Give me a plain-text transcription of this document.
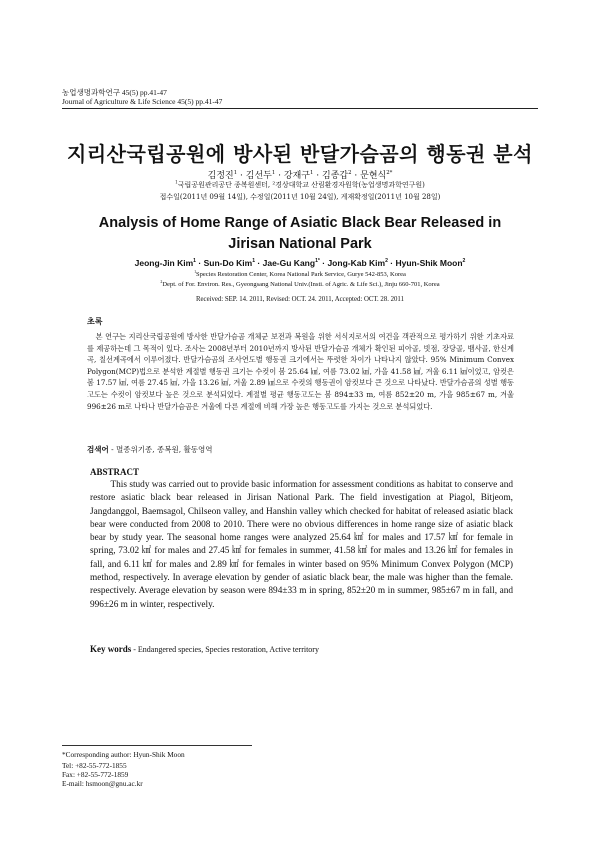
농업생명과학연구 45(5) pp.41-47
Journal of Agriculture & Life Science 45(5) pp.41-47
지리산국립공원에 방사된 반달가슴곰의 행동권 분석
김정진$^1$ · 김선두$^1$ · 강재구$^1$ · 김종갑$^2$ · 문현식$^{2*}$
$^1$국립공원관리공단 종복원센터, ²경상대학교 산림환경자원학(농업생명과학연구원)
접수일(2011년 09월 14일), 수정일(2011년 10월 24일), 게재확정일(2011년 10월 28일)
Analysis of Home Range of Asiatic Black Bear Released in
Jirisan National Park
Jeong-Jin Kim$^1$ · Sun-Do Kim$^1$ · Jae-Gu Kang$^{1*}$ · Jong-Kab Kim$^2$ · Hyun-Shik Moon$^2$
$^1$Species Restoration Center, Korea National Park Service, Gurye 542-853, Korea
$^2$Dept. of For. Environ. Res., Gyeongsang National Univ.(Insti. of Agric. & Life Sci.), Jinju 660-701, Korea
Received: SEP. 14. 2011, Revised: OCT. 24. 2011, Accepted: OCT. 28. 2011
초록
본 연구는 지리산국립공원에 방사한 반달가슴곰 개체군 보전과 복원을 위한 서식지로서의 여건을 객관적으로 평가하기 위한 기초자료를 제공하는데 그 목적이 있다. 조사는 2008년부터 2010년까지 방사된 반달가슴곰 개체가 확인된 피아골, 빗점, 장당골, 뱀사골, 한신계곡, 칠선계곡에서 이루어졌다. 반달가슴곰의 조사연도별 행동권 크기에서는 뚜렷한 차이가 나타나지 않았다. 95% Minimum Convex Polygon(MCP)법으로 분석한 계절별 행동권 크기는 수컷이 봄 25.64 ㎢, 여름 73.02 ㎢, 가을 41.58 ㎢, 겨울 6.11 ㎢이었고, 암컷은 봄 17.57 ㎢, 여름 27.45 ㎢, 가을 13.26 ㎢, 겨울 2.89 ㎢으로 수컷의 행동권이 암컷보다 큰 것으로 나타났다. 반달가슴곰의 성별 행동고도는 수컷이 암컷보다 높은 것으로 분석되었다. 계절별 평균 행동고도는 봄 894±33 m, 여름 852±20 m, 가을 985±67 m, 겨울 996±26 m로 나타나 반달가슴곰은 겨울에 다른 계절에 비해 가장 높은 행동고도를 가지는 것으로 분석되었다.
검색어 - 멸종위기종, 종복원, 활동영역
ABSTRACT
This study was carried out to provide basic information for assessment conditions as habitat to conserve and restore asiatic black bear released in Jirisan National Park. The field investigation at Piagol, Bitjeom, Jangdanggol, Baemsagol, Chilseon valley, and Hanshin valley which checked for habitat of released asiatic black bear were conducted from 2008 to 2010. There were no obvious differences in home range size of asiatic black bear by study year. The seasonal home ranges were analyzed 25.64 ㎢ for males and 17.57 ㎢ for female in spring, 73.02 ㎢ for males and 27.45 ㎢ for females in summer, 41.58 ㎢ for males and 13.26 ㎢ for females in fall, and 6.11 ㎢ for males and 2.89 ㎢ for females in winter based on 95% Minimum Convex Polygon (MCP) method, respectively. In average elevation by gender of asiatic black bear, the male was higher than the female. respectively. Average elevation by season were 894±33 m in spring, 852±20 m in summer, 985±67 m in fall, and 996±26 m in winter, respectively.
Key words - Endangered species, Species restoration, Active territory
*Corresponding author: Hyun-Shik Moon
Tel: +82-55-772-1855
Fax: +82-55-772-1859
E-mail: hsmoon@gnu.ac.kr
